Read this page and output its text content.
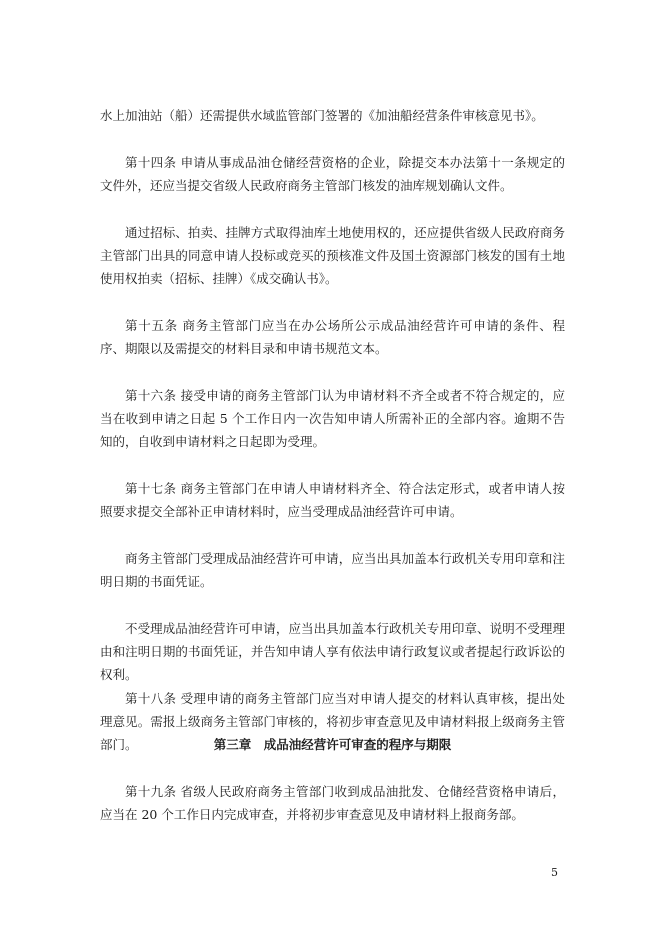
水上加油站（船）还需提供水域监管部门签署的《加油船经营条件审核意见书》。

第十四条 申请从事成品油仓储经营资格的企业，除提交本办法第十一条规定的文件外，还应当提交省级人民政府商务主管部门核发的油库规划确认文件。

通过招标、拍卖、挂牌方式取得油库土地使用权的，还应提供省级人民政府商务主管部门出具的同意申请人投标或竞买的预核准文件及国土资源部门核发的国有土地使用权拍卖（招标、挂牌）《成交确认书》。

第十五条 商务主管部门应当在办公场所公示成品油经营许可申请的条件、程序、期限以及需提交的材料目录和申请书规范文本。

第十六条 接受申请的商务主管部门认为申请材料不齐全或者不符合规定的，应当在收到申请之日起 5 个工作日内一次告知申请人所需补正的全部内容。逾期不告知的，自收到申请材料之日起即为受理。

第十七条 商务主管部门在申请人申请材料齐全、符合法定形式，或者申请人按照要求提交全部补正申请材料时，应当受理成品油经营许可申请。

商务主管部门受理成品油经营许可申请，应当出具加盖本行政机关专用印章和注明日期的书面凭证。

不受理成品油经营许可申请，应当出具加盖本行政机关专用印章、说明不受理理由和注明日期的书面凭证，并告知申请人享有依法申请行政复议或者提起行政诉讼的权利。

第十八条 受理申请的商务主管部门应当对申请人提交的材料认真审核，提出处理意见。需报上级商务主管部门审核的，将初步审查意见及申请材料报上级商务主管部门。	第三章　成品油经营许可审查的程序与期限

第十九条 省级人民政府商务主管部门收到成品油批发、仓储经营资格申请后，应当在 20 个工作日内完成审查，并将初步审查意见及申请材料上报商务部。

5
